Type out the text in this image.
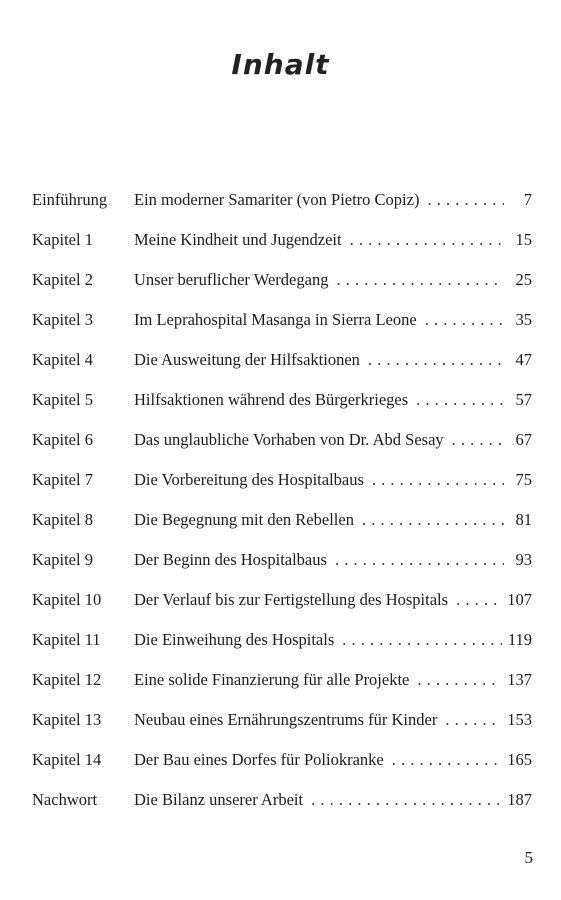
Inhalt
Einführung Ein moderner Samariter (von Pietro Copiz) . . .	7
Kapitel 1 Meine Kindheit und Jugendzeit . . .	15
Kapitel 2 Unser beruflicher Werdegang . . .	25
Kapitel 3 Im Leprahospital Masanga in Sierra Leone . . .	35
Kapitel 4 Die Ausweitung der Hilfsaktionen . . .	47
Kapitel 5 Hilfsaktionen während des Bürgerkrieges . . .	57
Kapitel 6 Das unglaubliche Vorhaben von Dr. Abd Sesay . . .	67
Kapitel 7 Die Vorbereitung des Hospitalbaus . . .	75
Kapitel 8 Die Begegnung mit den Rebellen . . .	81
Kapitel 9 Der Beginn des Hospitalbaus . . .	93
Kapitel 10 Der Verlauf bis zur Fertigstellung des Hospitals . . .	107
Kapitel 11 Die Einweihung des Hospitals . . .	119
Kapitel 12 Eine solide Finanzierung für alle Projekte . . .	137
Kapitel 13 Neubau eines Ernährungszentrums für Kinder . . .	153
Kapitel 14 Der Bau eines Dorfes für Poliokranke . . .	165
Nachwort Die Bilanz unserer Arbeit . . .	187
5
